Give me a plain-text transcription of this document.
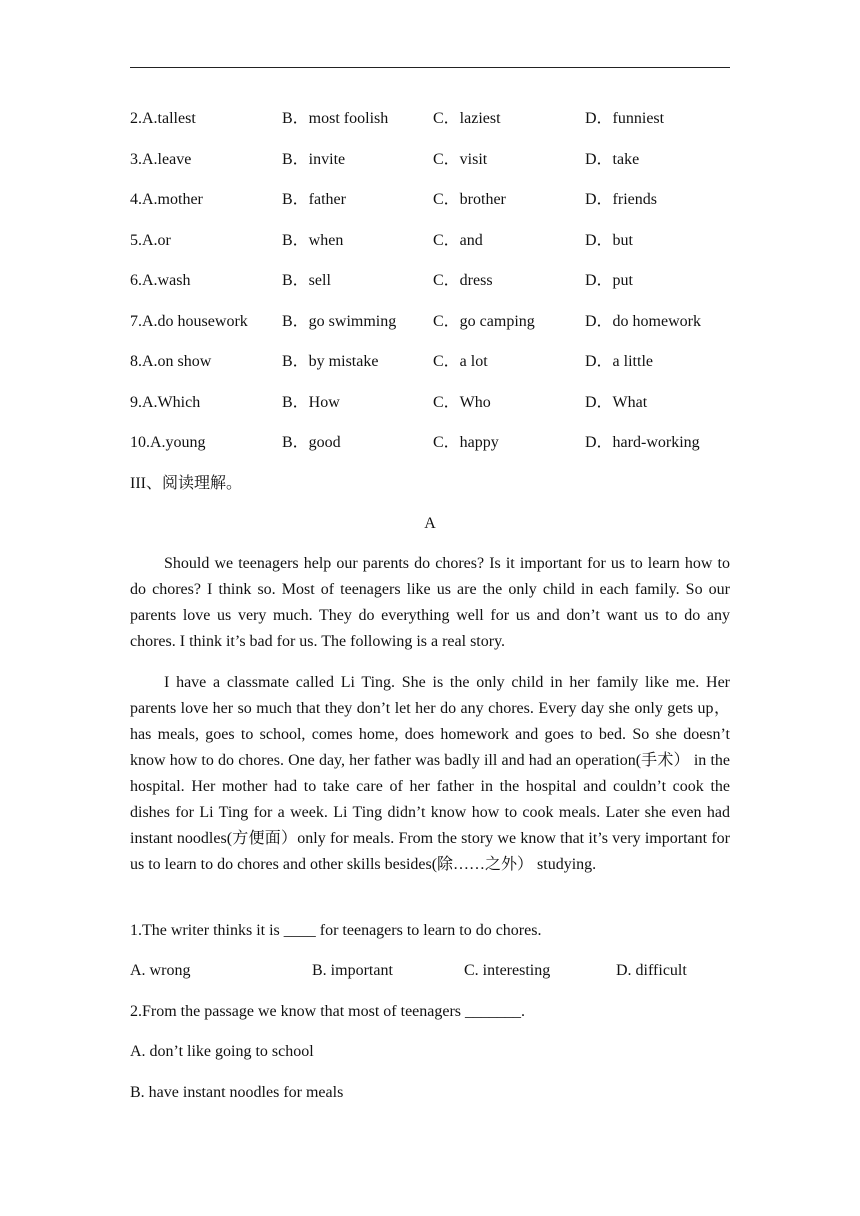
2.A.tallest	B．most foolish	C．laziest	D．funniest
3.A.leave	B．invite	C．visit	D．take
4.A.mother	B．father	C．brother	D．friends
5.A.or	B．when	C．and	D．but
6.A.wash	B．sell	C．dress	D．put
7.A.do housework B．go swimming C．go camping	D．do homework
8.A.on show	B．by mistake	C．a lot	D．a little
9.A.Which	B．How	C．Who	D．What
10.A.young	B．good	C．happy	D．hard-working
III、阅读理解。
A

Should we teenagers help our parents do chores? Is it important for us to learn how to do chores? I think so. Most of teenagers like us are the only child in each family. So our parents love us very much. They do everything well for us and don’t want us to do any chores. I think it’s bad for us. The following is a real story.

I have a classmate called Li Ting. She is the only child in her family like me. Her parents love her so much that they don’t let her do any chores. Every day she only gets up，has meals, goes to school, comes home, does homework and goes to bed. So she doesn’t know how to do chores. One day, her father was badly ill and had an operation(手术） in the hospital. Her mother had to take care of her father in the hospital and couldn’t cook the dishes for Li Ting for a week. Li Ting didn’t know how to cook meals. Later she even had instant noodles(方便面）only for meals. From the story we know that it’s very important for us to learn to do chores and other skills besides(除……之外） studying.

1.The writer thinks it is ____ for teenagers to learn to do chores.
A. wrong	B. important	C. interesting	D. difficult
2.From the passage we know that most of teenagers _______.
A. don’t like going to school
B. have instant noodles for meals
